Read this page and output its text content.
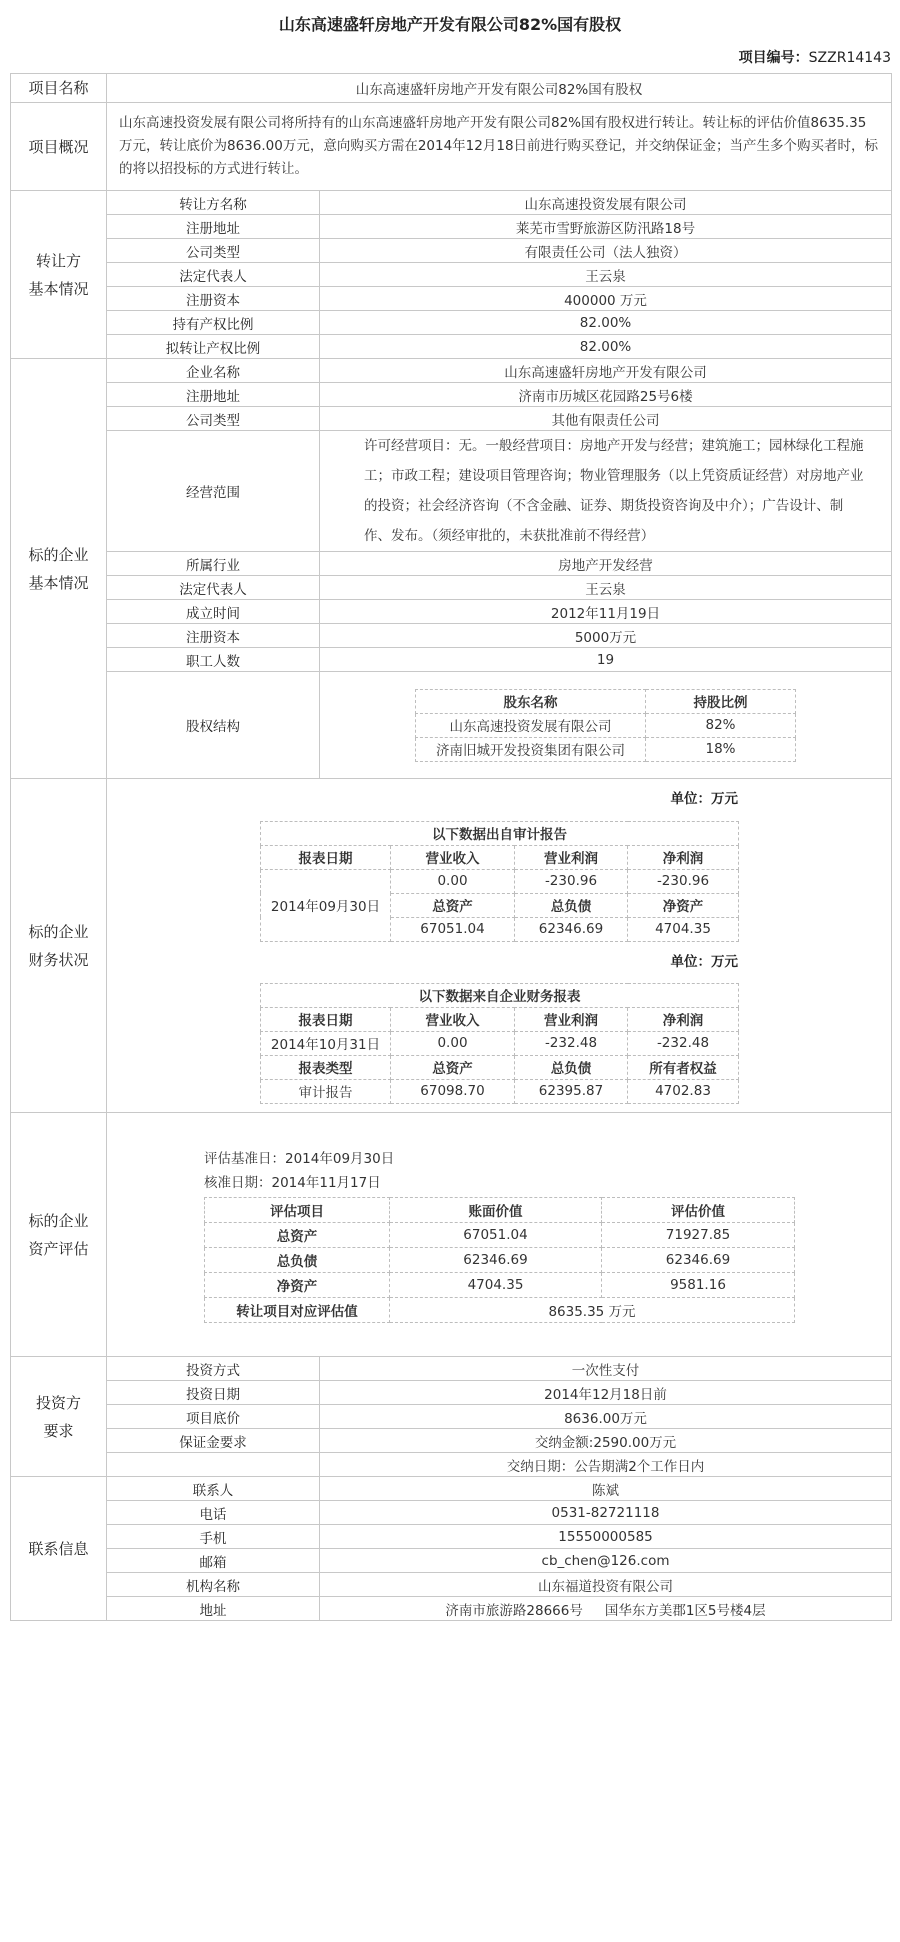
山东高速盛轩房地产开发有限公司82%国有股权
项目编号：SZZR14143
项目名称	山东高速盛轩房地产开发有限公司82%国有股权
项目概况	山东高速投资发展有限公司将所持有的山东高速盛轩房地产开发有限公司82%国有股权进行转让。转让标的评估价值8635.35万元，转让底价为8636.00万元，意向购买方需在2014年12月18日前进行购买登记，并交纳保证金；当产生多个购买者时，标的将以招投标的方式进行转让。
转让方
基本情况	转让方名称	山东高速投资发展有限公司
注册地址	莱芜市雪野旅游区防汛路18号
公司类型	有限责任公司（法人独资）
法定代表人	王云泉
注册资本	400000 万元
持有产权比例	82.00%
拟转让产权比例	82.00%
标的企业
基本情况	企业名称	山东高速盛轩房地产开发有限公司
注册地址	济南市历城区花园路25号6楼
公司类型	其他有限责任公司
经营范围	许可经营项目：无。一般经营项目：房地产开发与经营；建筑施工；园林绿化工程施工；市政工程；建设项目管理咨询；物业管理服务（以上凭资质证经营）对房地产业的投资；社会经济咨询（不含金融、证券、期货投资咨询及中介）；广告设计、制作、发布。（须经审批的，未获批准前不得经营）
所属行业	房地产开发经营
法定代表人	王云泉
成立时间	2012年11月19日
注册资本	5000万元
职工人数	19
股权结构	
股东名称	持股比例
山东高速投资发展有限公司	82%
济南旧城开发投资集团有限公司	18%

标的企业
财务状况	
单位：万元
以下数据出自审计报告
报表日期	营业收入	营业利润	净利润
2014年09月30日	0.00	-230.96	-230.96
总资产	总负债	净资产
67051.04	62346.69	4704.35
单位：万元
以下数据来自企业财务报表
报表日期	营业收入	营业利润	净利润
2014年10月31日	0.00	-232.48	-232.48
报表类型	总资产	总负债	所有者权益
审计报告	67098.70	62395.87	4702.83

标的企业
资产评估	
评估基准日：2014年09月30日
核准日期：2014年11月17日
评估项目	账面价值	评估价值
总资产	67051.04	71927.85
总负债	62346.69	62346.69
净资产	4704.35	9581.16
转让项目对应评估值	8635.35 万元

投资方
要求	投资方式	一次性支付
投资日期	2014年12月18日前
项目底价	8636.00万元
保证金要求	交纳金额:2590.00万元
	交纳日期：公告期满2个工作日内
联系信息	联系人	陈斌
电话	0531-82721118
手机	15550000585
邮箱	cb_chen@126.com
机构名称	山东福道投资有限公司
地址	济南市旅游路28666号 国华东方美郡1区5号楼4层
